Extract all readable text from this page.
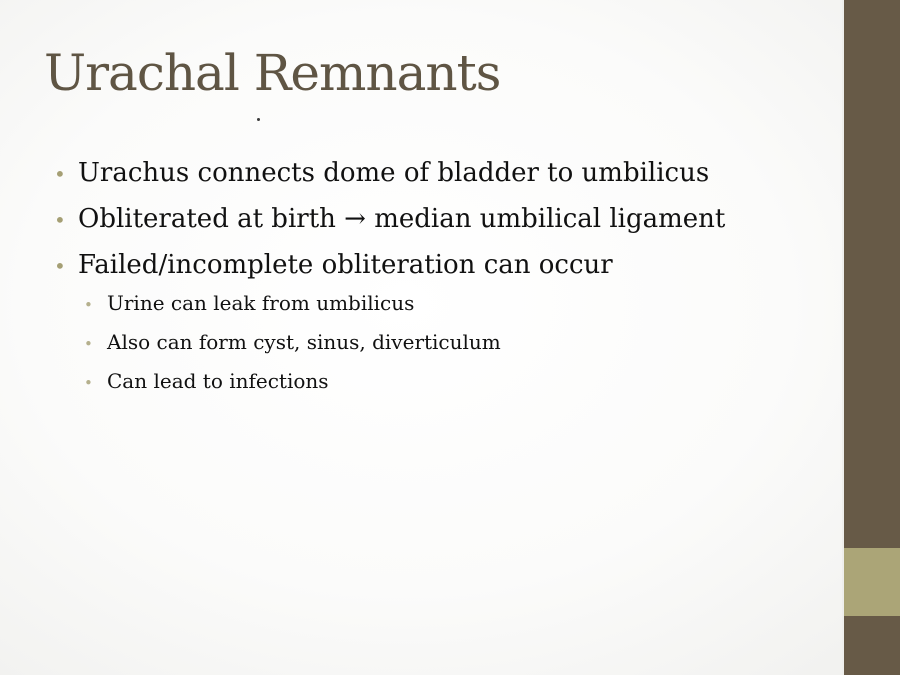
Urachal Remnants
• Urachus connects dome of bladder to umbilicus
• Obliterated at birth → median umbilical ligament
• Failed/incomplete obliteration can occur
• Urine can leak from umbilicus
• Also can form cyst, sinus, diverticulum
• Can lead to infections
